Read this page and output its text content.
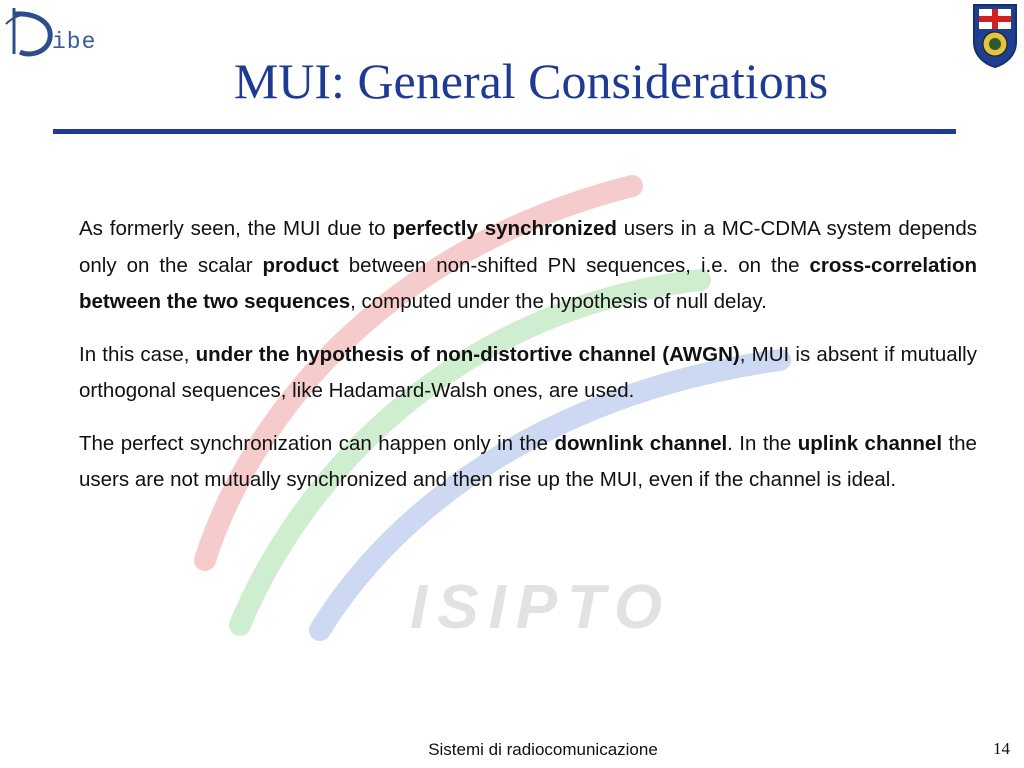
ISIPTO
ibe
MUI: General Considerations

As formerly seen, the MUI due to perfectly synchronized users in a MC-CDMA system depends only on the scalar product between non-shifted PN sequences, i.e. on the cross-correlation between the two sequences, computed under the hypothesis of null delay.

In this case, under the hypothesis of non-distortive channel (AWGN), MUI is absent if mutually orthogonal sequences, like Hadamard-Walsh ones, are used.

The perfect synchronization can happen only in the downlink channel. In the uplink channel the users are not mutually synchronized and then rise up the MUI, even if the channel is ideal.

Sistemi di radiocomunicazione	14
